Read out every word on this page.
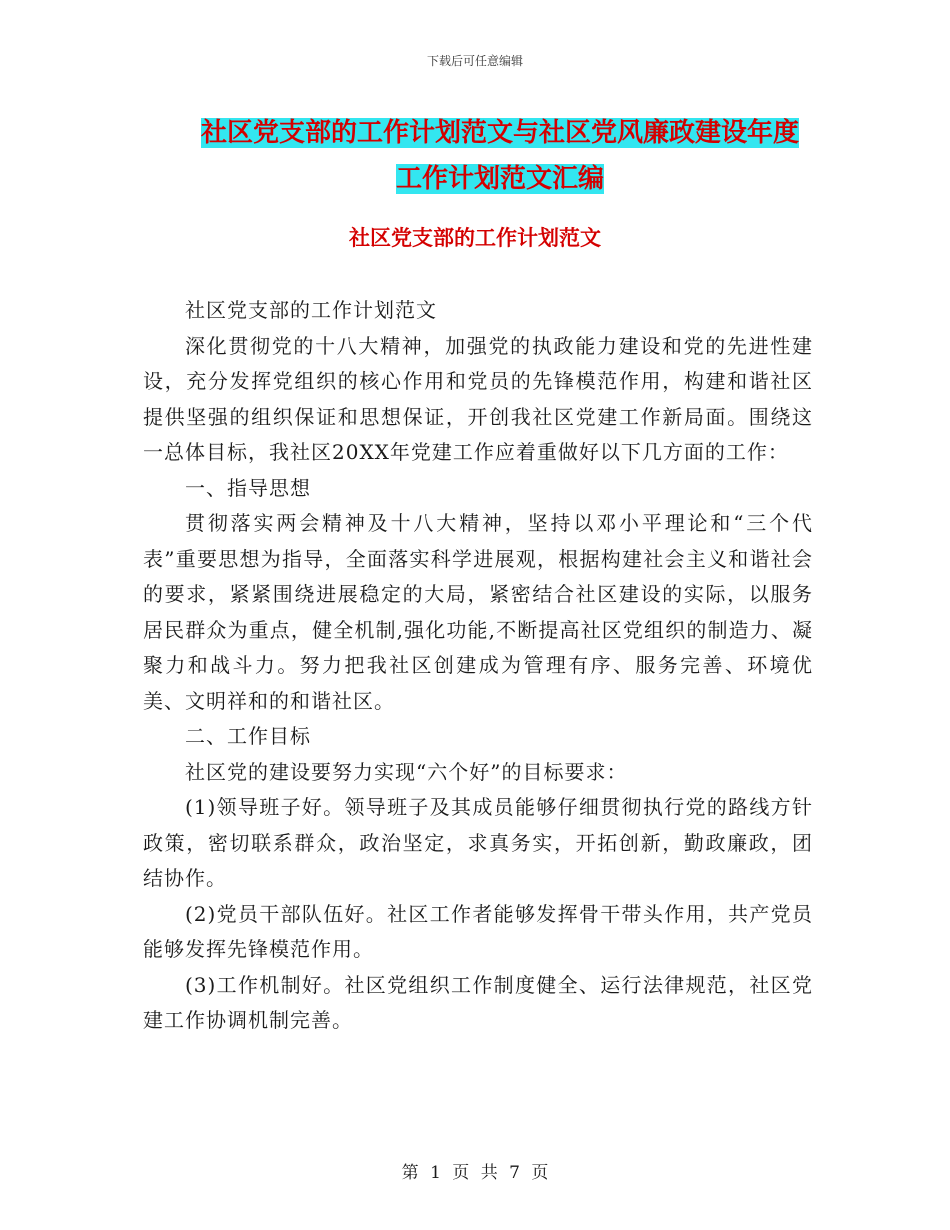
下载后可任意编辑
社区党支部的工作计划范文与社区党风廉政建设年度
工作计划范文汇编
社区党支部的工作计划范文

社区党支部的工作计划范文

深化贯彻党的十八大精神，加强党的执政能力建设和党的先进性建设，充分发挥党组织的核心作用和党员的先锋模范作用，构建和谐社区提供坚强的组织保证和思想保证，开创我社区党建工作新局面。围绕这一总体目标，我社区20XX年党建工作应着重做好以下几方面的工作：

一、指导思想

贯彻落实两会精神及十八大精神，坚持以邓小平理论和“三个代表”重要思想为指导，全面落实科学进展观，根据构建社会主义和谐社会的要求，紧紧围绕进展稳定的大局，紧密结合社区建设的实际，以服务居民群众为重点，健全机制,强化功能,不断提高社区党组织的制造力、凝聚力和战斗力。努力把我社区创建成为管理有序、服务完善、环境优美、文明祥和的和谐社区。

二、工作目标

社区党的建设要努力实现“六个好”的目标要求：

(1)领导班子好。领导班子及其成员能够仔细贯彻执行党的路线方针政策，密切联系群众，政治坚定，求真务实，开拓创新，勤政廉政，团结协作。

(2)党员干部队伍好。社区工作者能够发挥骨干带头作用，共产党员能够发挥先锋模范作用。

(3)工作机制好。社区党组织工作制度健全、运行法律规范，社区党建工作协调机制完善。

第 1 页 共 7 页
